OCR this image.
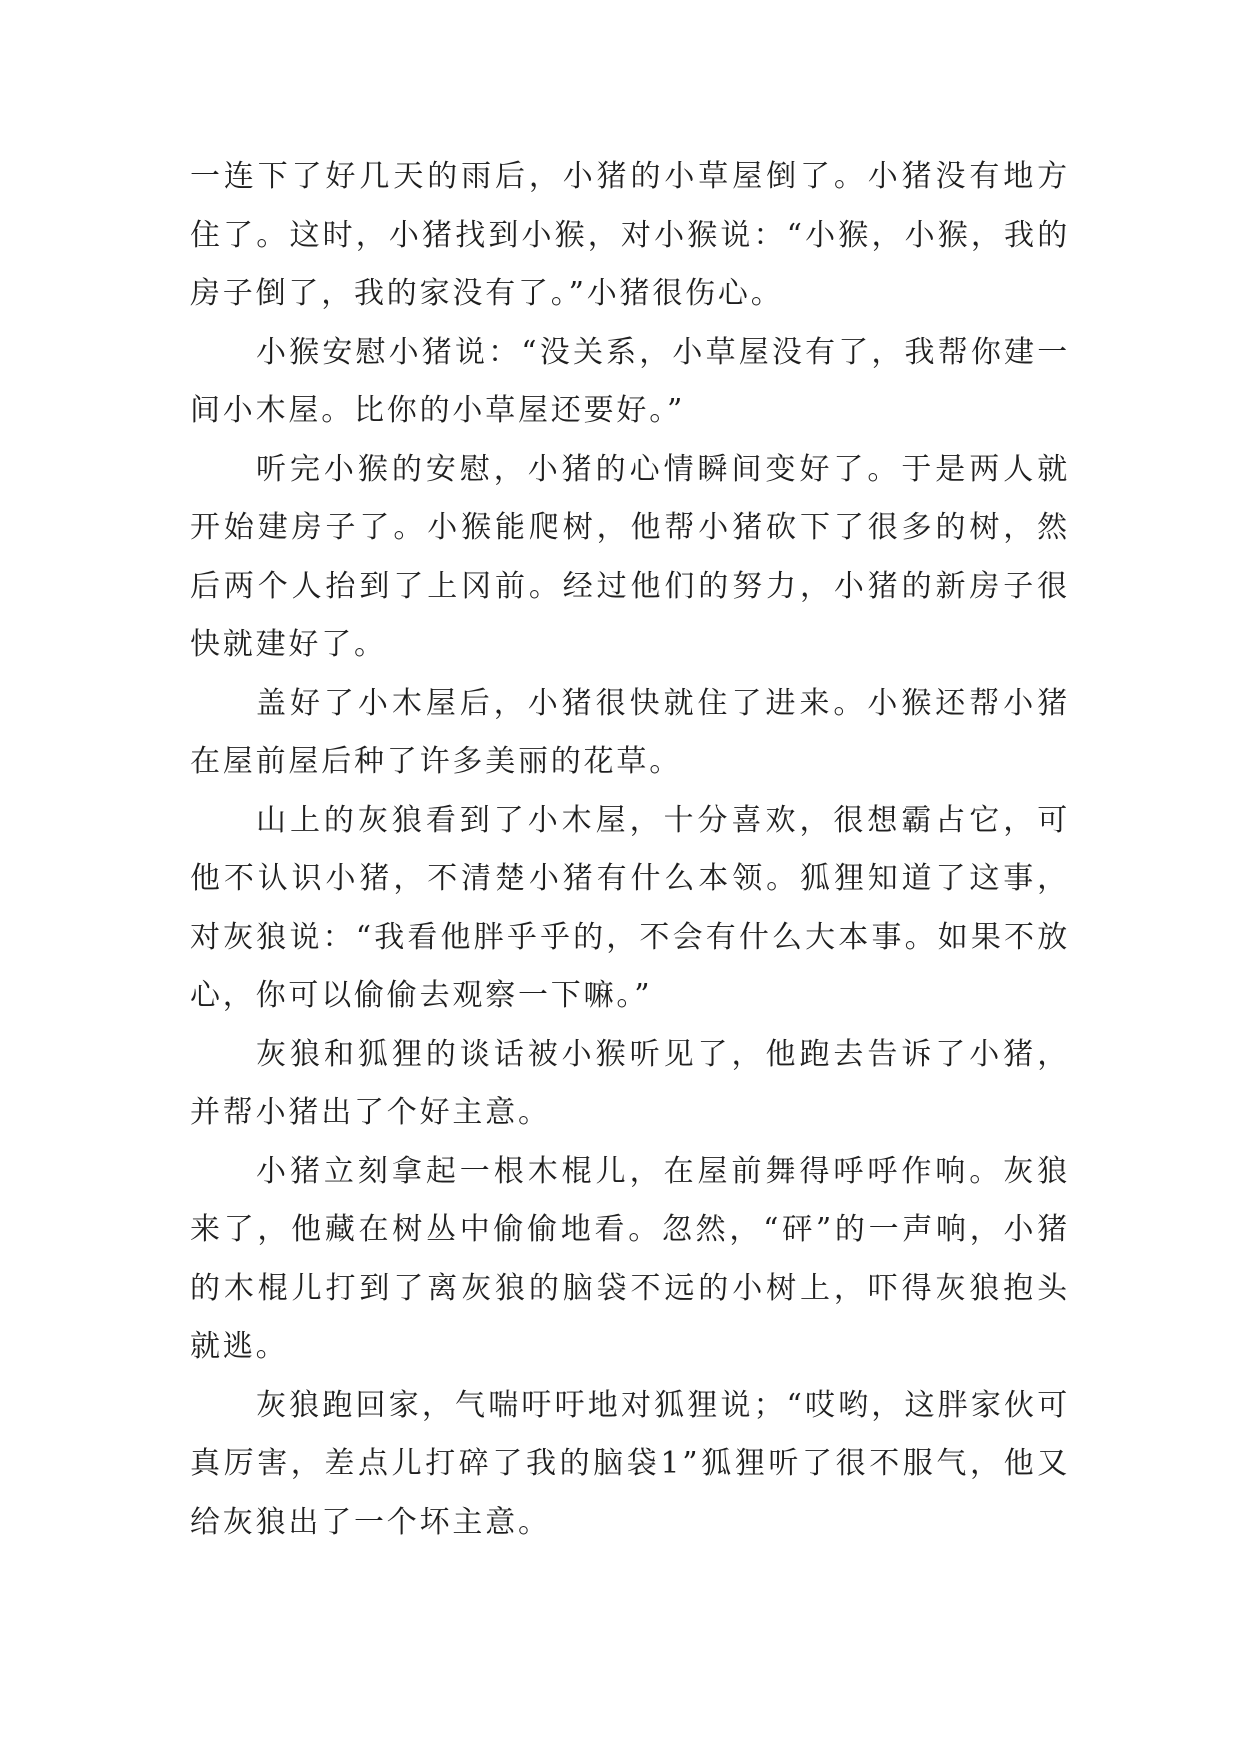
一连下了好几天的雨后，小猪的小草屋倒了。小猪没有地方住了。这时，小猪找到小猴，对小猴说：“小猴，小猴，我的房子倒了，我的家没有了。”小猪很伤心。

小猴安慰小猪说：“没关系，小草屋没有了，我帮你建一间小木屋。比你的小草屋还要好。”

听完小猴的安慰，小猪的心情瞬间变好了。于是两人就开始建房子了。小猴能爬树，他帮小猪砍下了很多的树，然后两个人抬到了上冈前。经过他们的努力，小猪的新房子很快就建好了。

盖好了小木屋后，小猪很快就住了进来。小猴还帮小猪在屋前屋后种了许多美丽的花草。

山上的灰狼看到了小木屋，十分喜欢，很想霸占它，可他不认识小猪，不清楚小猪有什么本领。狐狸知道了这事，对灰狼说：“我看他胖乎乎的，不会有什么大本事。如果不放心，你可以偷偷去观察一下嘛。”

灰狼和狐狸的谈话被小猴听见了，他跑去告诉了小猪，并帮小猪出了个好主意。

小猪立刻拿起一根木棍儿，在屋前舞得呼呼作响。灰狼来了，他藏在树丛中偷偷地看。忽然，“砰”的一声响，小猪的木棍儿打到了离灰狼的脑袋不远的小树上，吓得灰狼抱头就逃。

灰狼跑回家，气喘吁吁地对狐狸说；“哎哟，这胖家伙可真厉害，差点儿打碎了我的脑袋1”狐狸听了很不服气，他又给灰狼出了一个坏主意。
